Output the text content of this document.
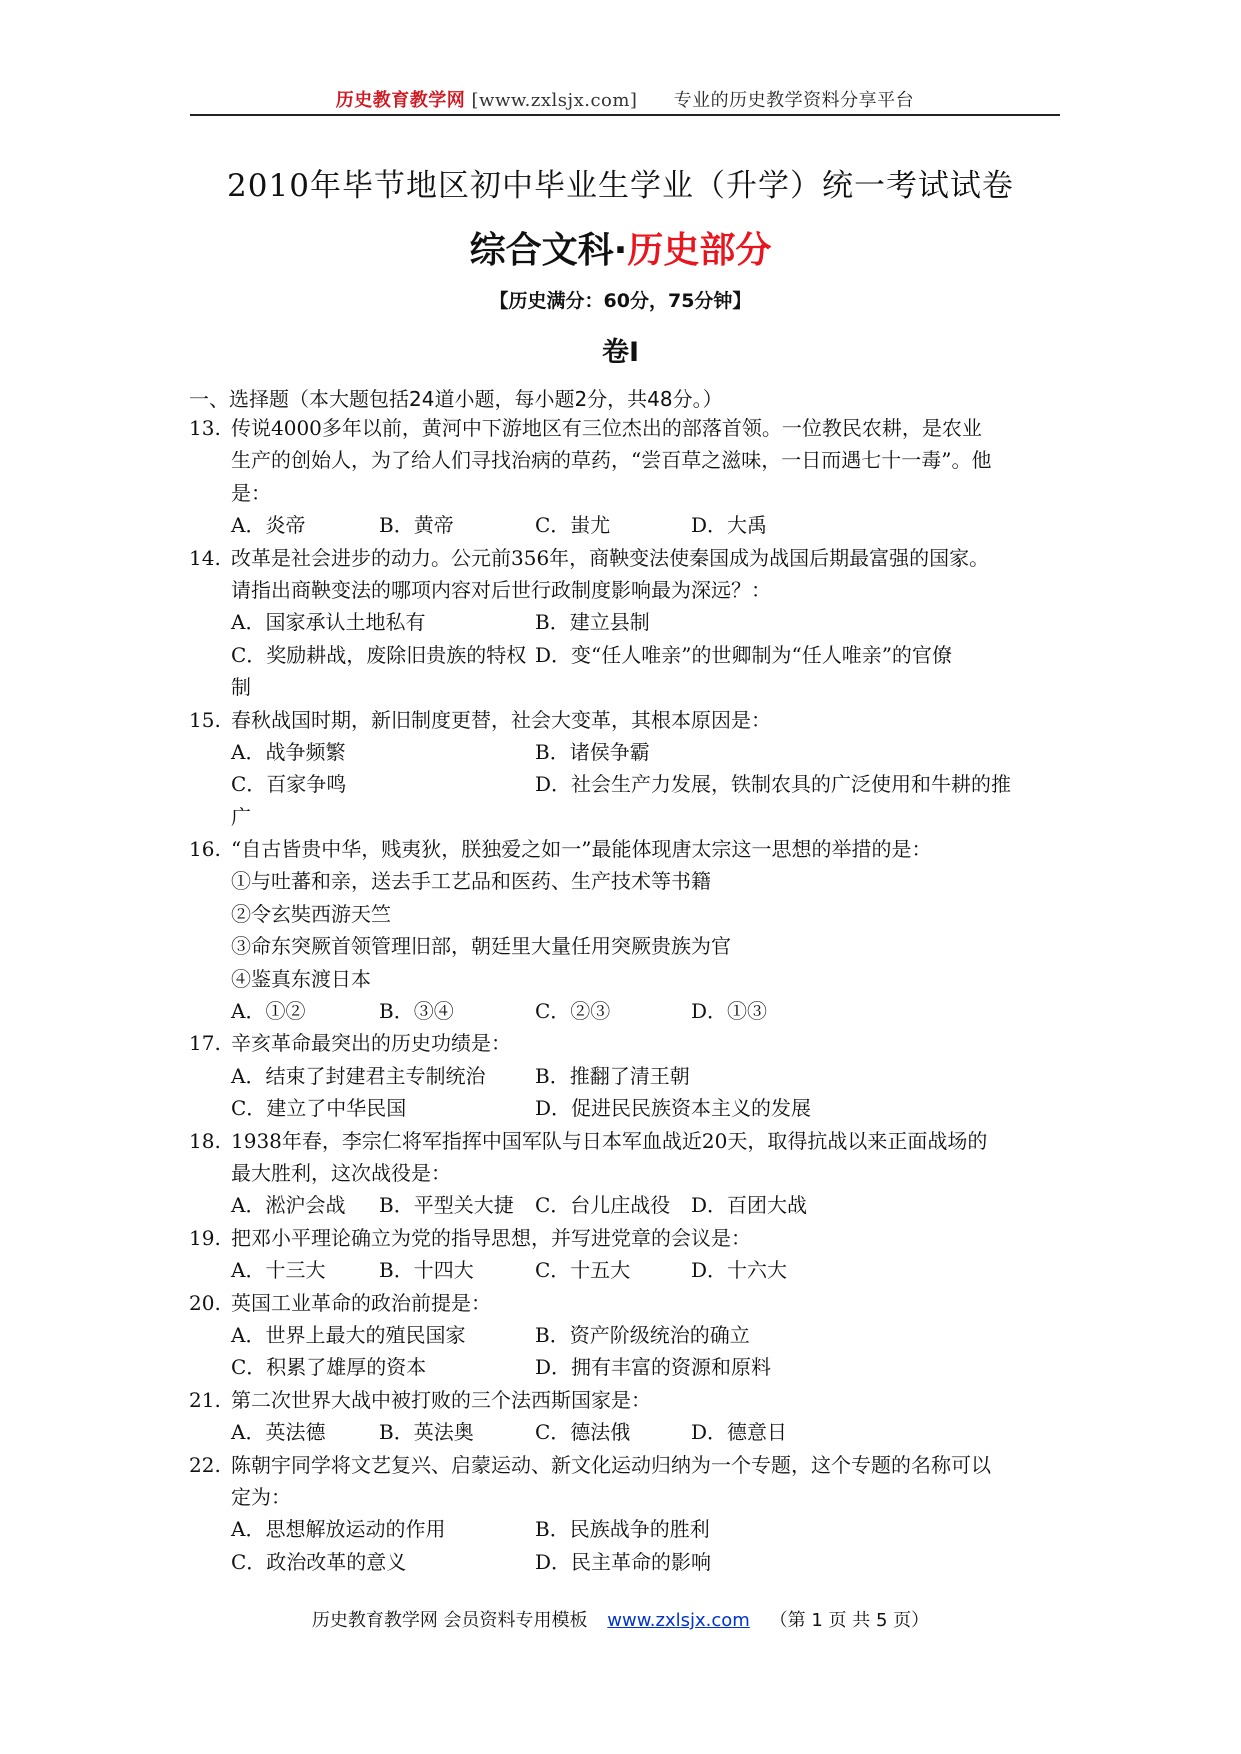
历史教育教学网 [www.zxlsjx.com] 专业的历史教学资料分享平台
2010年毕节地区初中毕业生学业（升学）统一考试试卷
综合文科·历史部分
【历史满分：60分，75分钟】
卷Ⅰ
一、选择题（本大题包括24道小题，每小题2分，共48分。）
13. 传说4000多年以前，黄河中下游地区有三位杰出的部落首领。一位教民农耕，是农业
生产的创始人，为了给人们寻找治病的草药，“尝百草之滋味，一日而遇七十一毒”。他
是：
A．炎帝	B．黄帝	C．蚩尤	D．大禹
14. 改革是社会进步的动力。公元前356年，商鞅变法使秦国成为战国后期最富强的国家。
请指出商鞅变法的哪项内容对后世行政制度影响最为深远？：
A．国家承认土地私有	B．建立县制
C．奖励耕战，废除旧贵族的特权 D．变“任人唯亲”的世卿制为“任人唯亲”的官僚
制
15. 春秋战国时期，新旧制度更替，社会大变革，其根本原因是：
A．战争频繁	B．诸侯争霸
C．百家争鸣	D．社会生产力发展，铁制农具的广泛使用和牛耕的推
广
16. “自古皆贵中华，贱夷狄，朕独爱之如一”最能体现唐太宗这一思想的举措的是：
①与吐蕃和亲，送去手工艺品和医药、生产技术等书籍
②令玄奘西游天竺
③命东突厥首领管理旧部，朝廷里大量任用突厥贵族为官
④鉴真东渡日本
A．①②	B．③④	C．②③	D．①③
17. 辛亥革命最突出的历史功绩是：
A．结束了封建君主专制统治 B．推翻了清王朝
C．建立了中华民国	D．促进民民族资本主义的发展
18. 1938年春，李宗仁将军指挥中国军队与日本军血战近20天，取得抗战以来正面战场的
最大胜利，这次战役是：
A．淞沪会战 B．平型关大捷 C．台儿庄战役 D．百团大战
19. 把邓小平理论确立为党的指导思想，并写进党章的会议是：
A．十三大	B．十四大	C．十五大	D．十六大
20. 英国工业革命的政治前提是：
A．世界上最大的殖民国家	B．资产阶级统治的确立
C．积累了雄厚的资本	D．拥有丰富的资源和原料
21. 第二次世界大战中被打败的三个法西斯国家是：
A．英法德	B．英法奥	C．德法俄	D．德意日
22. 陈朝宇同学将文艺复兴、启蒙运动、新文化运动归纳为一个专题，这个专题的名称可以
定为：
A．思想解放运动的作用	B．民族战争的胜利
C．政治改革的意义	D．民主革命的影响
历史教育教学网 会员资料专用模板 www.zxlsjx.com （第 1 页 共 5 页）
